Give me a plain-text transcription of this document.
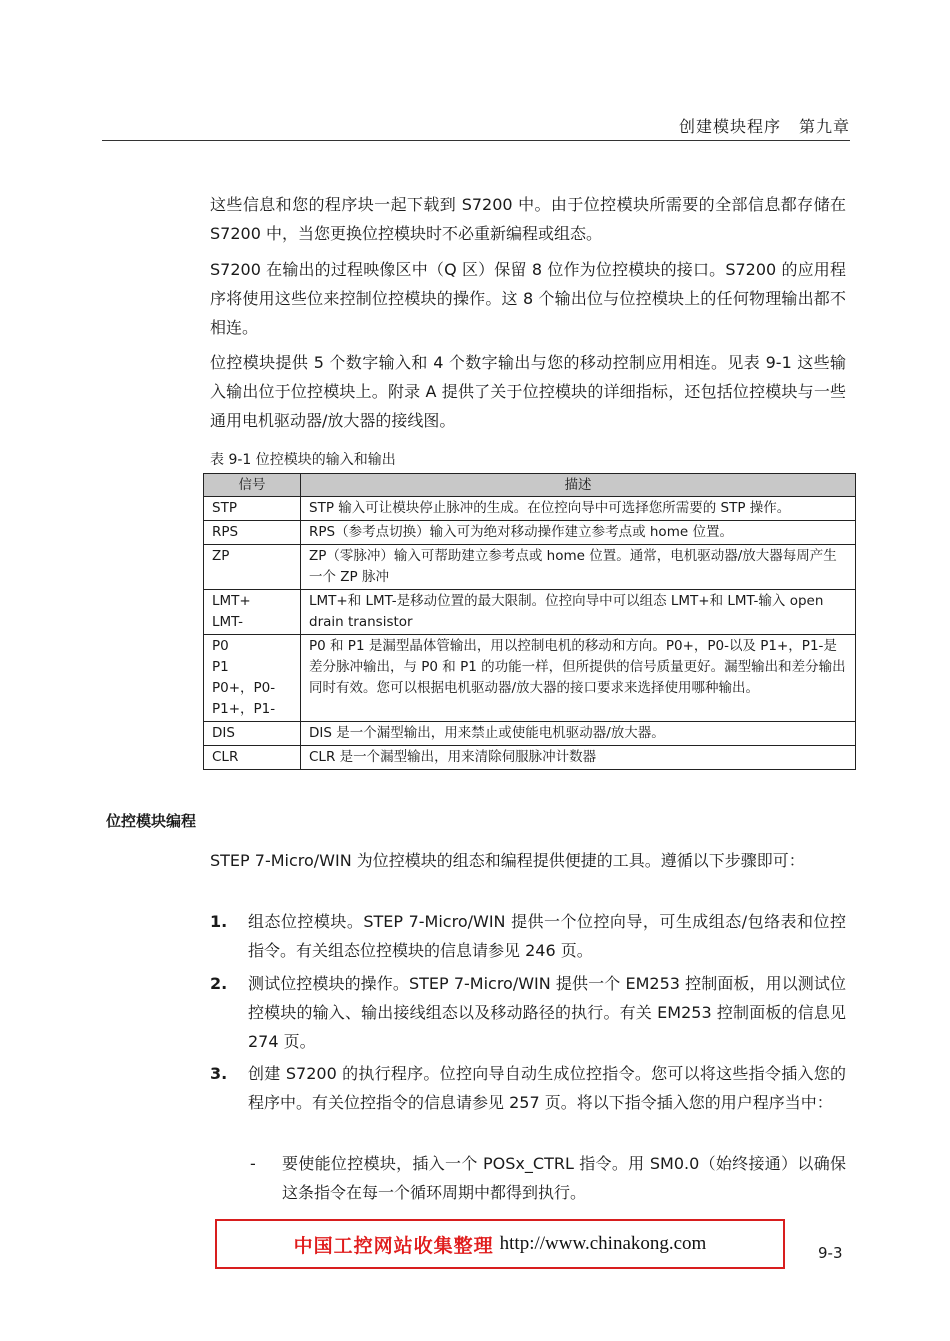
创建模块程序 第九章

这些信息和您的程序块一起下载到 S7200 中。由于位控模块所需要的全部信息都存储在 S7200 中，当您更换位控模块时不必重新编程或组态。

S7200 在输出的过程映像区中（Q 区）保留 8 位作为位控模块的接口。S7200 的应用程序将使用这些位来控制位控模块的操作。这 8 个输出位与位控模块上的任何物理输出都不相连。

位控模块提供 5 个数字输入和 4 个数字输出与您的移动控制应用相连。见表 9-1 这些输入输出位于位控模块上。附录 A 提供了关于位控模块的详细指标，还包括位控模块与一些通用电机驱动器/放大器的接线图。

表 9-1 位控模块的输入和输出
信号	描述
STP	STP 输入可让模块停止脉冲的生成。在位控向导中可选择您所需要的 STP 操作。
RPS	RPS（参考点切换）输入可为绝对移动操作建立参考点或 home 位置。
ZP	ZP（零脉冲）输入可帮助建立参考点或 home 位置。通常，电机驱动器/放大器每周产生一个 ZP 脉冲
LMT+
LMT-	LMT+和 LMT-是移动位置的最大限制。位控向导中可以组态 LMT+和 LMT-输入 open drain transistor
P0
P1
P0+，P0-
P1+，P1-	P0 和 P1 是漏型晶体管输出，用以控制电机的移动和方向。P0+，P0-以及 P1+，P1-是差分脉冲输出，与 P0 和 P1 的功能一样，但所提供的信号质量更好。漏型输出和差分输出同时有效。您可以根据电机驱动器/放大器的接口要求来选择使用哪种输出。
DIS	DIS 是一个漏型输出，用来禁止或使能电机驱动器/放大器。
CLR	CLR 是一个漏型输出，用来清除伺服脉冲计数器
位控模块编程

STEP 7-Micro/WIN 为位控模块的组态和编程提供便捷的工具。遵循以下步骤即可：

1. 组态位控模块。STEP 7-Micro/WIN 提供一个位控向导，可生成组态/包络表和位控指令。有关组态位控模块的信息请参见 246 页。
2. 测试位控模块的操作。STEP 7-Micro/WIN 提供一个 EM253 控制面板，用以测试位控模块的输入、输出接线组态以及移动路径的执行。有关 EM253 控制面板的信息见 274 页。
3. 创建 S7200 的执行程序。位控向导自动生成位控指令。您可以将这些指令插入您的程序中。有关位控指令的信息请参见 257 页。将以下指令插入您的用户程序当中：
- 要使能位控模块，插入一个 POSx_CTRL 指令。用 SM0.0（始终接通）以确保这条指令在每一个循环周期中都得到执行。
中国工控网站收集整理 http://www.chinakong.com	9-3
